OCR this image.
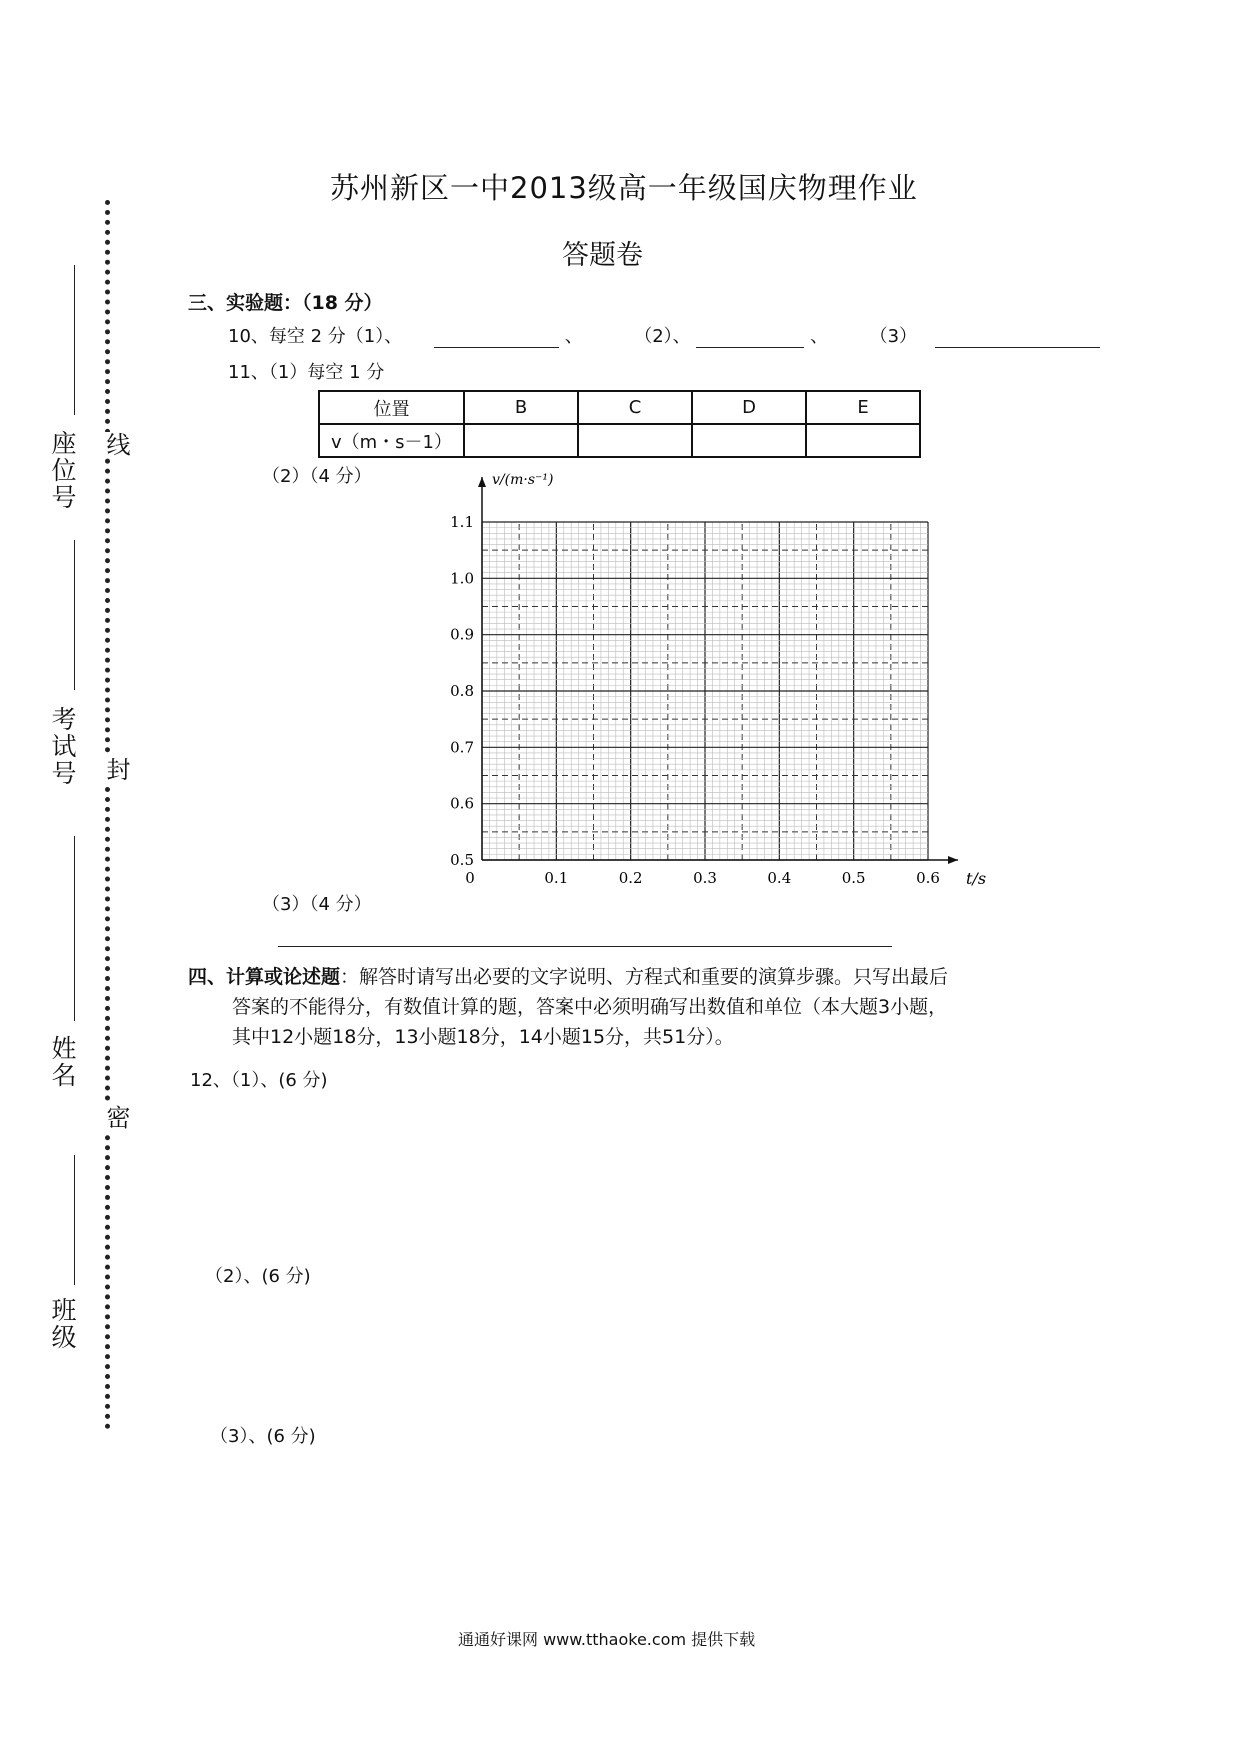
苏州新区一中2013级高一年级国庆物理作业
答题卷
座位号
考试号
姓名
班级
线
封
密
三、实验题：（18 分）
10、每空 2 分（1）、	、	（2）、	、 （3）
11、（1）每空 1 分
位置	B	C	D	E
v（m・s－1）				
（2）（4 分）
0	0.1	0.2	0.3	0.4	0.5	0.6
0.5
0.6
0.7
0.8
0.9
1.0
1.1
v/(m·s⁻¹)
t/s
（3）（4 分）
四、计算或论述题：解答时请写出必要的文字说明、方程式和重要的演算步骤。只写出最后
答案的不能得分，有数值计算的题，答案中必须明确写出数值和单位（本大题3小题，
其中12小题18分，13小题18分，14小题15分，共51分）。
12、（1）、(6 分)
（2）、(6 分)
（3）、(6 分)
通通好课网 www.tthaoke.com 提供下载
